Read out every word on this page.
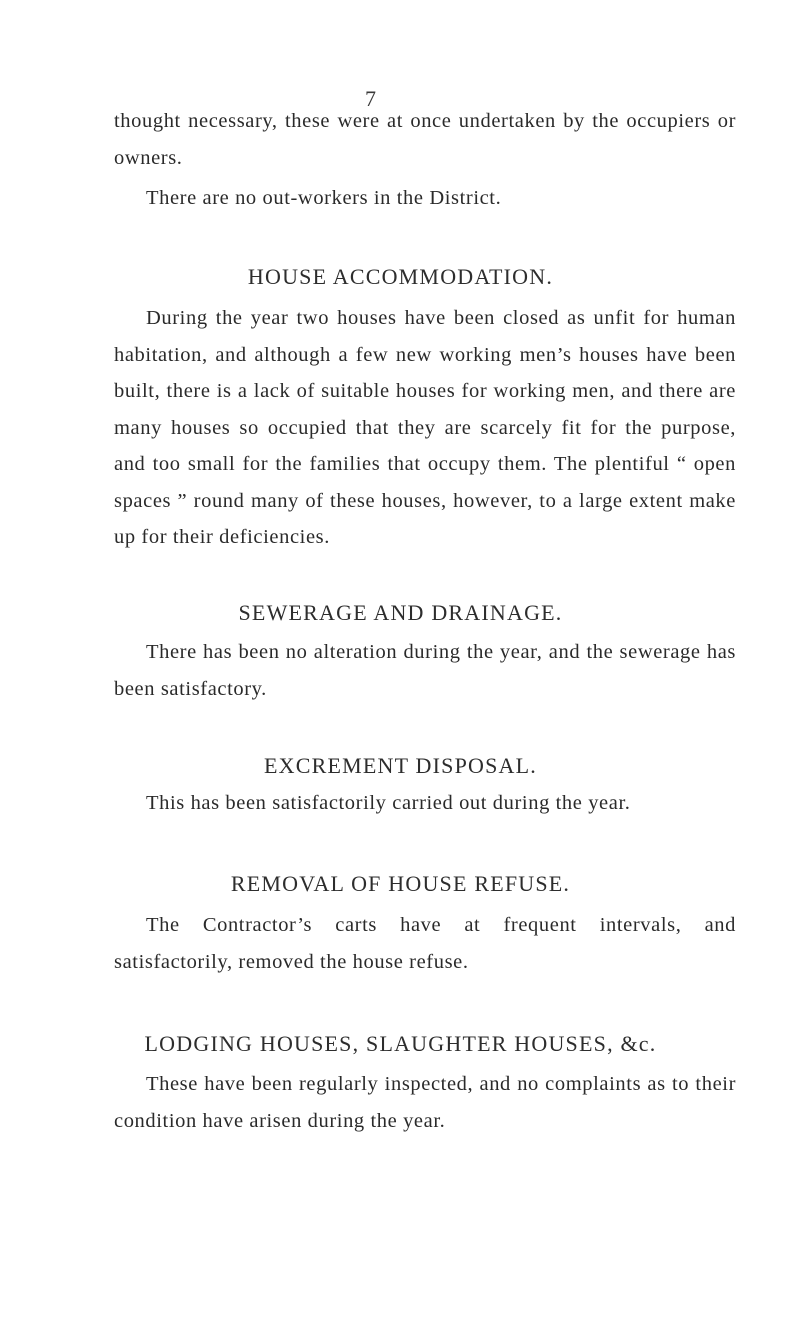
7

thought necessary, these were at once undertaken by the occupiers or owners.

There are no out-workers in the District.

HOUSE ACCOMMODATION.

During the year two houses have been closed as unfit for human habitation, and although a few new working men’s houses have been built, there is a lack of suitable houses for working men, and there are many houses so occupied that they are scarcely fit for the purpose, and too small for the families that occupy them. The plentiful “ open spaces ” round many of these houses, however, to a large extent make up for their deficiencies.

SEWERAGE AND DRAINAGE.

There has been no alteration during the year, and the sewerage has been satisfactory.

EXCREMENT DISPOSAL.

This has been satisfactorily carried out during the year.

REMOVAL OF HOUSE REFUSE.

The Contractor’s carts have at frequent intervals, and satisfactorily, removed the house refuse.

LODGING HOUSES, SLAUGHTER HOUSES, &c.

These have been regularly inspected, and no complaints as to their condition have arisen during the year.
